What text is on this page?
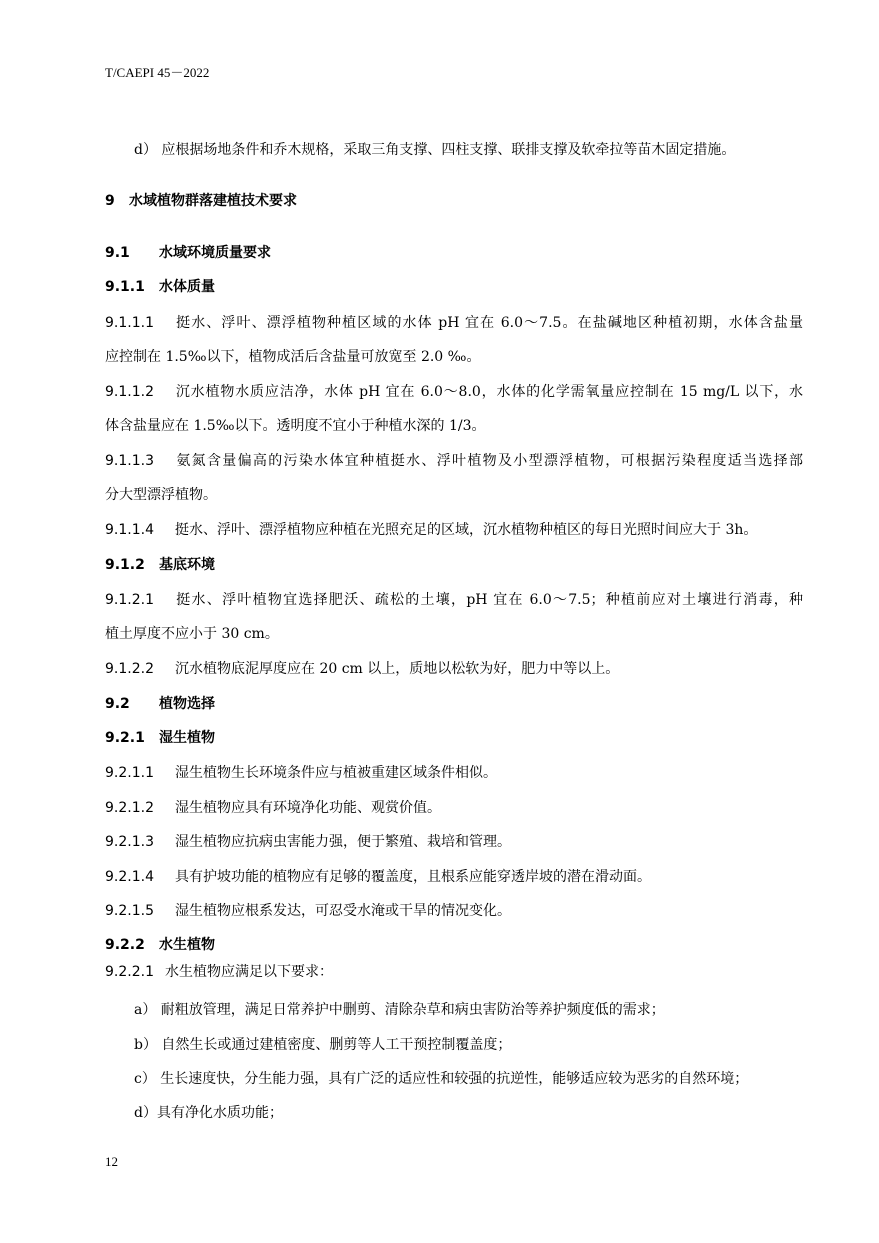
T/CAEPI 45－2022
d） 应根据场地条件和乔木规格，采取三角支撑、四柱支撑、联排支撑及软牵拉等苗木固定措施。
9 水域植物群落建植技术要求
9.1 水域环境质量要求
9.1.1 水体质量
9.1.1.1 挺水、浮叶、漂浮植物种植区域的水体 pH 宜在 6.0～7.5。在盐碱地区种植初期，水体含盐量
应控制在 1.5‰以下，植物成活后含盐量可放宽至 2.0 ‰。
9.1.1.2 沉水植物水质应洁净，水体 pH 宜在 6.0～8.0，水体的化学需氧量应控制在 15 mg/L 以下，水
体含盐量应在 1.5‰以下。透明度不宜小于种植水深的 1/3。
9.1.1.3 氨氮含量偏高的污染水体宜种植挺水、浮叶植物及小型漂浮植物，可根据污染程度适当选择部
分大型漂浮植物。
9.1.1.4 挺水、浮叶、漂浮植物应种植在光照充足的区域，沉水植物种植区的每日光照时间应大于 3h。
9.1.2 基底环境
9.1.2.1 挺水、浮叶植物宜选择肥沃、疏松的土壤，pH 宜在 6.0～7.5；种植前应对土壤进行消毒，种
植土厚度不应小于 30 cm。
9.1.2.2 沉水植物底泥厚度应在 20 cm 以上，质地以松软为好，肥力中等以上。
9.2 植物选择
9.2.1 湿生植物
9.2.1.1 湿生植物生长环境条件应与植被重建区域条件相似。
9.2.1.2 湿生植物应具有环境净化功能、观赏价值。
9.2.1.3 湿生植物应抗病虫害能力强，便于繁殖、栽培和管理。
9.2.1.4 具有护坡功能的植物应有足够的覆盖度，且根系应能穿透岸坡的潜在滑动面。
9.2.1.5 湿生植物应根系发达，可忍受水淹或干旱的情况变化。
9.2.2 水生植物
9.2.2.1 水生植物应满足以下要求：
a） 耐粗放管理，满足日常养护中删剪、清除杂草和病虫害防治等养护频度低的需求；
b） 自然生长或通过建植密度、删剪等人工干预控制覆盖度；
c） 生长速度快，分生能力强，具有广泛的适应性和较强的抗逆性，能够适应较为恶劣的自然环境；
d）具有净化水质功能；
12
